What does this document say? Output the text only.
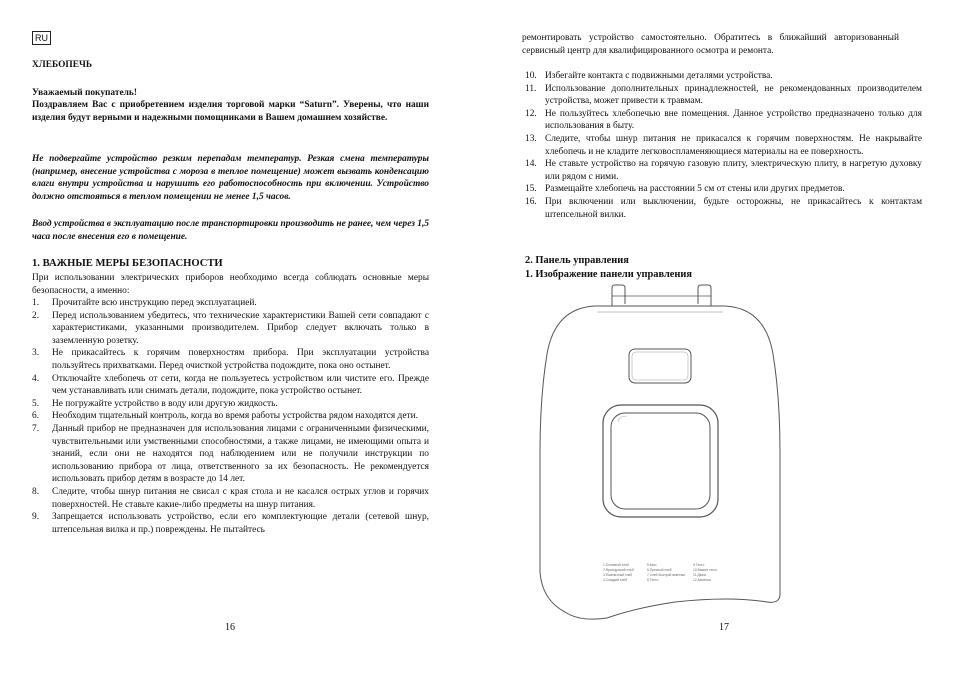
RU
ХЛЕБОПЕЧЬ
Уважаемый покупатель!
Поздравляем Вас с приобретением изделия торговой марки “Saturn”. Уверены, что наши изделия будут верными и надежными помощниками в Вашем домашнем хозяйстве.
Не подвергайте устройство резким перепадам температур. Резкая смена температуры (например, внесение устройства с мороза в теплое помещение) может вызвать конденсацию влаги внутри устройства и нарушить его работоспособность при включении. Устройство должно отстояться в теплом помещении не менее 1,5 часов.
Ввод устройства в эксплуатацию после транспортировки производить не ранее, чем через 1,5 часа после внесения его в помещение.
1. ВАЖНЫЕ МЕРЫ БЕЗОПАСНОСТИ
При использовании электрических приборов необходимо всегда соблюдать основные меры безопасности, а именно:
1. Прочитайте всю инструкцию перед эксплуатацией.
2. Перед использованием убедитесь, что технические характеристики Вашей сети совпадают с характеристиками, указанными производителем. Прибор следует включать только в заземленную розетку.
3. Не прикасайтесь к горячим поверхностям прибора. При эксплуатации устройства пользуйтесь прихватками. Перед очисткой устройства подождите, пока оно остынет.
4. Отключайте хлебопечь от сети, когда не пользуетесь устройством или чистите его. Прежде чем устанавливать или снимать детали, подождите, пока устройство остынет.
5. Не погружайте устройство в воду или другую жидкость.
6. Необходим тщательный контроль, когда во время работы устройства рядом находятся дети.
7. Данный прибор не предназначен для использования лицами с ограниченными физическими, чувствительными или умственными способностями, а также лицами, не имеющими опыта и знаний, если они не находятся под наблюдением или не получили инструкции по использованию прибора от лица, ответственного за их безопасность. Не рекомендуется использовать прибор детям в возрасте до 14 лет.
8. Следите, чтобы шнур питания не свисал с края стола и не касался острых углов и горячих поверхностей. Не ставьте какие-либо предметы на шнур питания.
9. Запрещается использовать устройство, если его комплектующие детали (сетевой шнур, штепсельная вилка и пр.) повреждены. Не пытайтесь
16
ремонтировать устройство самостоятельно. Обратитесь в ближайший авторизованный сервисный центр для квалифицированного осмотра и ремонта.
10. Избегайте контакта с подвижными деталями устройства.
11. Использование дополнительных принадлежностей, не рекомендованных производителем устройства, может привести к травмам.
12. Не пользуйтесь хлебопечью вне помещения. Данное устройство предназначено только для использования в быту.
13. Следите, чтобы шнур питания не прикасался к горячим поверхностям. Не накрывайте хлебопечь и не кладите легковоспламеняющиеся материалы на ее поверхность.
14. Не ставьте устройство на горячую газовую плиту, электрическую плиту, в нагретую духовку или рядом с ними.
15. Размещайте хлебопечь на расстоянии 5 см от стены или других предметов.
16. При включении или выключении, будьте осторожны, не прикасайтесь к контактам штепсельной вилки.
2. Панель управления
1. Изображение панели управления
1.Основной хлеб
2.Французский хлеб
3.Пшеничный хлеб
4.Сладкий хлеб
5.Кекс
6.Пресный хлеб
7.Хлеб быстрой выпечки
8.Тесто
9.Тесто
10.Вязкое тесто
11.Джем
12.Выпечка
17
